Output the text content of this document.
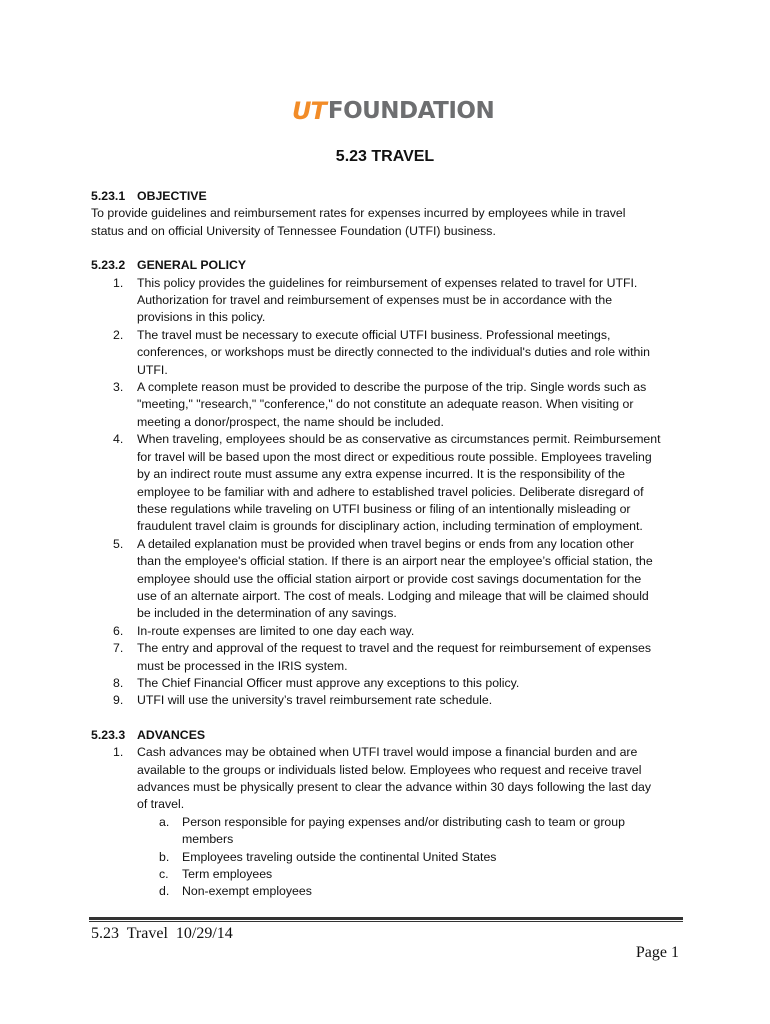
UT FOUNDATION
5.23 TRAVEL
5.23.1 OBJECTIVE

To provide guidelines and reimbursement rates for expenses incurred by employees while in travel

status and on official University of Tennessee Foundation (UTFI) business.

5.23.2 GENERAL POLICY
1. This policy provides the guidelines for reimbursement of expenses related to travel for UTFI.

Authorization for travel and reimbursement of expenses must be in accordance with the

provisions in this policy.

2. The travel must be necessary to execute official UTFI business. Professional meetings,

conferences, or workshops must be directly connected to the individual's duties and role within

UTFI.

3. A complete reason must be provided to describe the purpose of the trip. Single words such as

"meeting," "research," "conference," do not constitute an adequate reason. When visiting or

meeting a donor/prospect, the name should be included.

4. When traveling, employees should be as conservative as circumstances permit. Reimbursement

for travel will be based upon the most direct or expeditious route possible. Employees traveling

by an indirect route must assume any extra expense incurred. It is the responsibility of the

employee to be familiar with and adhere to established travel policies. Deliberate disregard of

these regulations while traveling on UTFI business or filing of an intentionally misleading or

fraudulent travel claim is grounds for disciplinary action, including termination of employment.

5. A detailed explanation must be provided when travel begins or ends from any location other

than the employee's official station. If there is an airport near the employee’s official station, the

employee should use the official station airport or provide cost savings documentation for the

use of an alternate airport. The cost of meals. Lodging and mileage that will be claimed should

be included in the determination of any savings.

6. In-route expenses are limited to one day each way.

7. The entry and approval of the request to travel and the request for reimbursement of expenses

must be processed in the IRIS system.

8. The Chief Financial Officer must approve any exceptions to this policy.

9. UTFI will use the university’s travel reimbursement rate schedule.

5.23.3 ADVANCES
1. Cash advances may be obtained when UTFI travel would impose a financial burden and are

available to the groups or individuals listed below. Employees who request and receive travel

advances must be physically present to clear the advance within 30 days following the last day

of travel.

a. Person responsible for paying expenses and/or distributing cash to team or group

members

b. Employees traveling outside the continental United States

c. Term employees

d. Non-exempt employees

5.23  Travel  10/29/14
Page 1
